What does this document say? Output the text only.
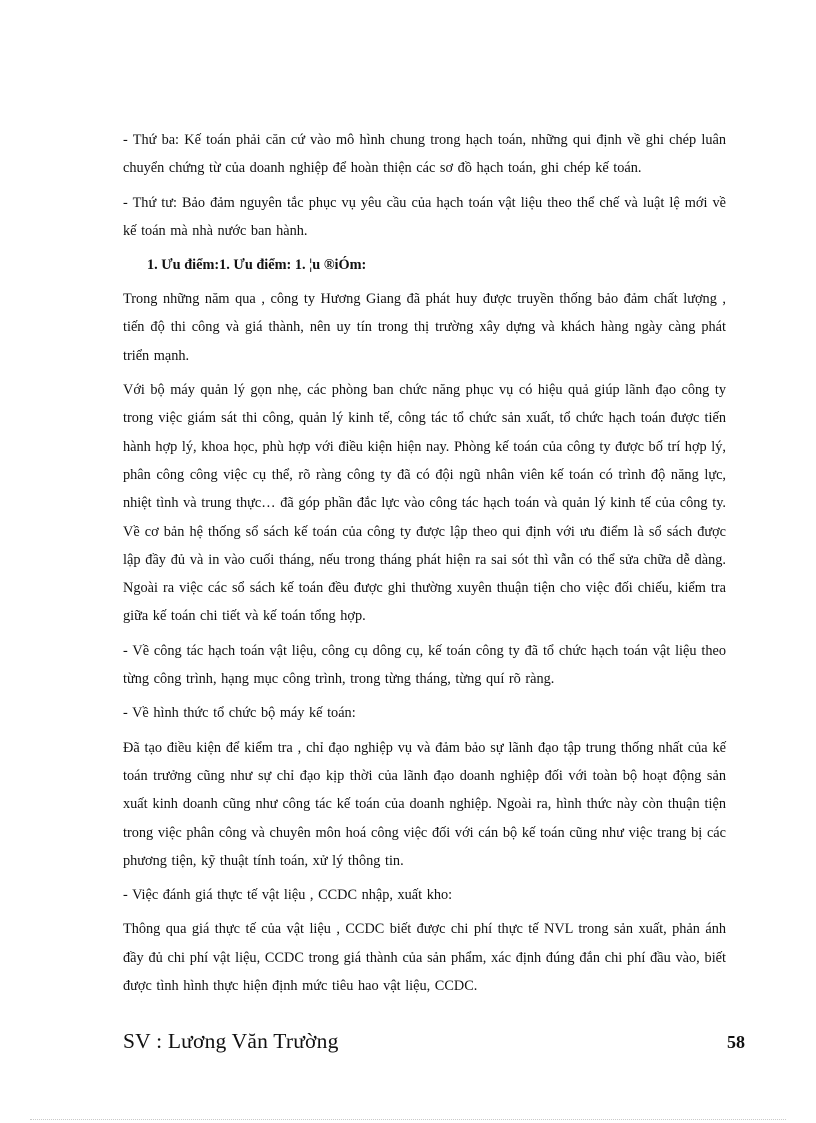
- Thứ ba: Kế toán phải căn cứ vào mô hình chung trong hạch toán, những qui định về ghi chép luân chuyển chứng từ của doanh nghiệp để hoàn thiện các sơ đồ hạch toán, ghi chép kế toán.

- Thứ tư: Bảo đảm nguyên tắc phục vụ yêu cầu của hạch toán vật liệu theo thể chế và luật lệ mới về kế toán mà nhà nước ban hành.

1. Ưu điểm:1. Ưu điểm: 1. ¦u ®iÓm:

Trong những năm qua , công ty Hương Giang đã phát huy được truyền thống bảo đảm chất lượng , tiến độ thi công và giá thành, nên uy tín trong thị trường xây dựng và khách hàng ngày càng phát triển mạnh.

Với bộ máy quản lý gọn nhẹ, các phòng ban chức năng phục vụ có hiệu quả giúp lãnh đạo công ty trong việc giám sát thi công, quản lý kinh tế, công tác tổ chức sản xuất, tổ chức hạch toán được tiến hành hợp lý, khoa học, phù hợp với điều kiện hiện nay. Phòng kế toán của công ty được bố trí hợp lý, phân công công việc cụ thể, rõ ràng công ty đã có đội ngũ nhân viên kế toán có trình độ năng lực, nhiệt tình và trung thực… đã góp phần đắc lực vào công tác hạch toán và quản lý kinh tế của công ty. Về cơ bản hệ thống sổ sách kế toán của công ty được lập theo qui định với ưu điểm là sổ sách được lập đầy đủ và in vào cuối tháng, nếu trong tháng phát hiện ra sai sót thì vẫn có thể sửa chữa dễ dàng. Ngoài ra việc các sổ sách kế toán đều được ghi thường xuyên thuận tiện cho việc đối chiếu, kiểm tra giữa kế toán chi tiết và kế toán tổng hợp.

- Về công tác hạch toán vật liệu, công cụ dông cụ, kế toán công ty đã tổ chức hạch toán vật liệu theo từng công trình, hạng mục công trình, trong từng tháng, từng quí rõ ràng.

- Về hình thức tổ chức bộ máy kế toán:

Đã tạo điều kiện để kiểm tra , chỉ đạo nghiệp vụ và đảm bảo sự lãnh đạo tập trung thống nhất của kế toán trưởng cũng như sự chỉ đạo kịp thời của lãnh đạo doanh nghiệp đối với toàn bộ hoạt động sản xuất kinh doanh cũng như công tác kế toán của doanh nghiệp. Ngoài ra, hình thức này còn thuận tiện trong việc phân công và chuyên môn hoá công việc đối với cán bộ kế toán cũng như việc trang bị các phương tiện, kỹ thuật tính toán, xử lý thông tin.

- Việc đánh giá thực tế vật liệu , CCDC nhập, xuất kho:

Thông qua giá thực tế của vật liệu , CCDC biết được chi phí thực tế NVL trong sản xuất, phản ánh đầy đủ chi phí vật liệu, CCDC trong giá thành của sản phẩm, xác định đúng đắn chi phí đầu vào, biết được tình hình thực hiện định mức tiêu hao vật liệu, CCDC.

SV : Lương Văn Trường	58
